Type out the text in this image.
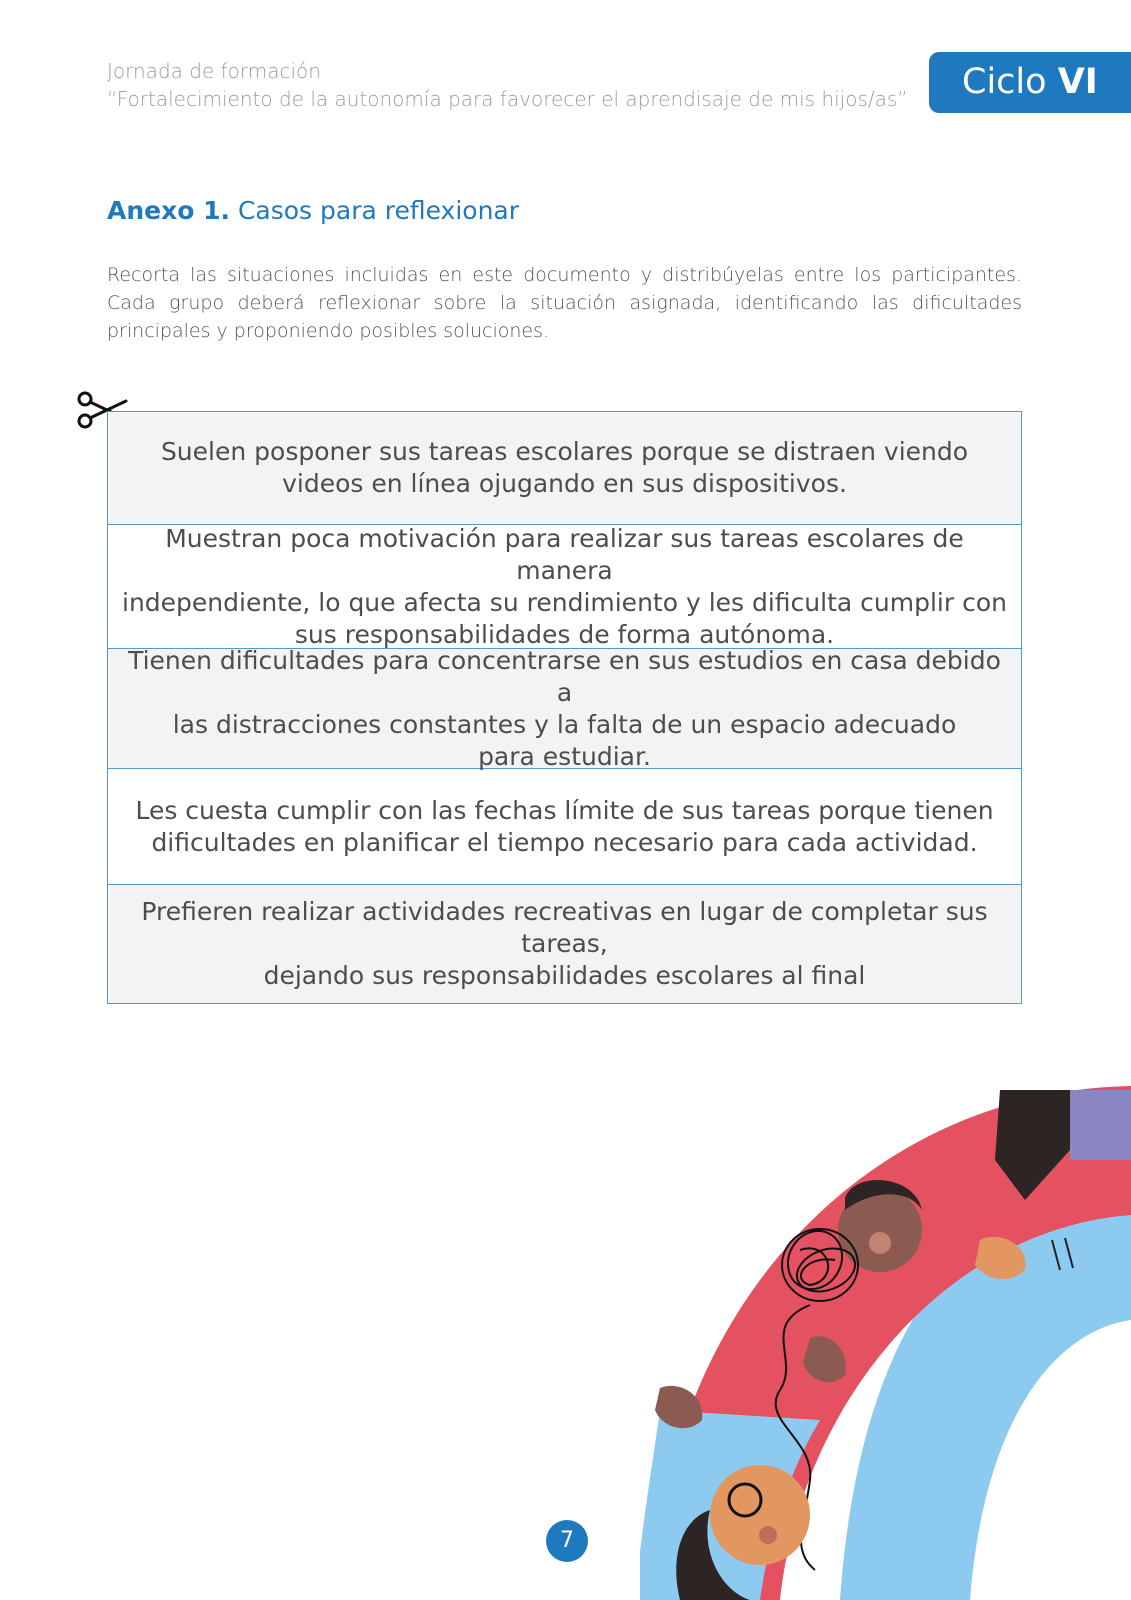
Jornada de formación
“Fortalecimiento de la autonomía para favorecer el aprendisaje de mis hijos/as”	Ciclo VI
Anexo 1. Casos para reflexionar
Recorta las situaciones incluidas en este documento y distribúyelas entre los participantes. Cada grupo deberá reflexionar sobre la situación asignada, identificando las dificultades principales y proponiendo posibles soluciones.
Suelen posponer sus tareas escolares porque se distraen viendo
videos en línea ojugando en sus dispositivos.
Muestran poca motivación para realizar sus tareas escolares de manera
independiente, lo que afecta su rendimiento y les dificulta cumplir con
sus responsabilidades de forma autónoma.
Tienen dificultades para concentrarse en sus estudios en casa debido a
las distracciones constantes y la falta de un espacio adecuado
para estudiar.
Les cuesta cumplir con las fechas límite de sus tareas porque tienen
dificultades en planificar el tiempo necesario para cada actividad.
Prefieren realizar actividades recreativas en lugar de completar sus tareas,
dejando sus responsabilidades escolares al final
7
